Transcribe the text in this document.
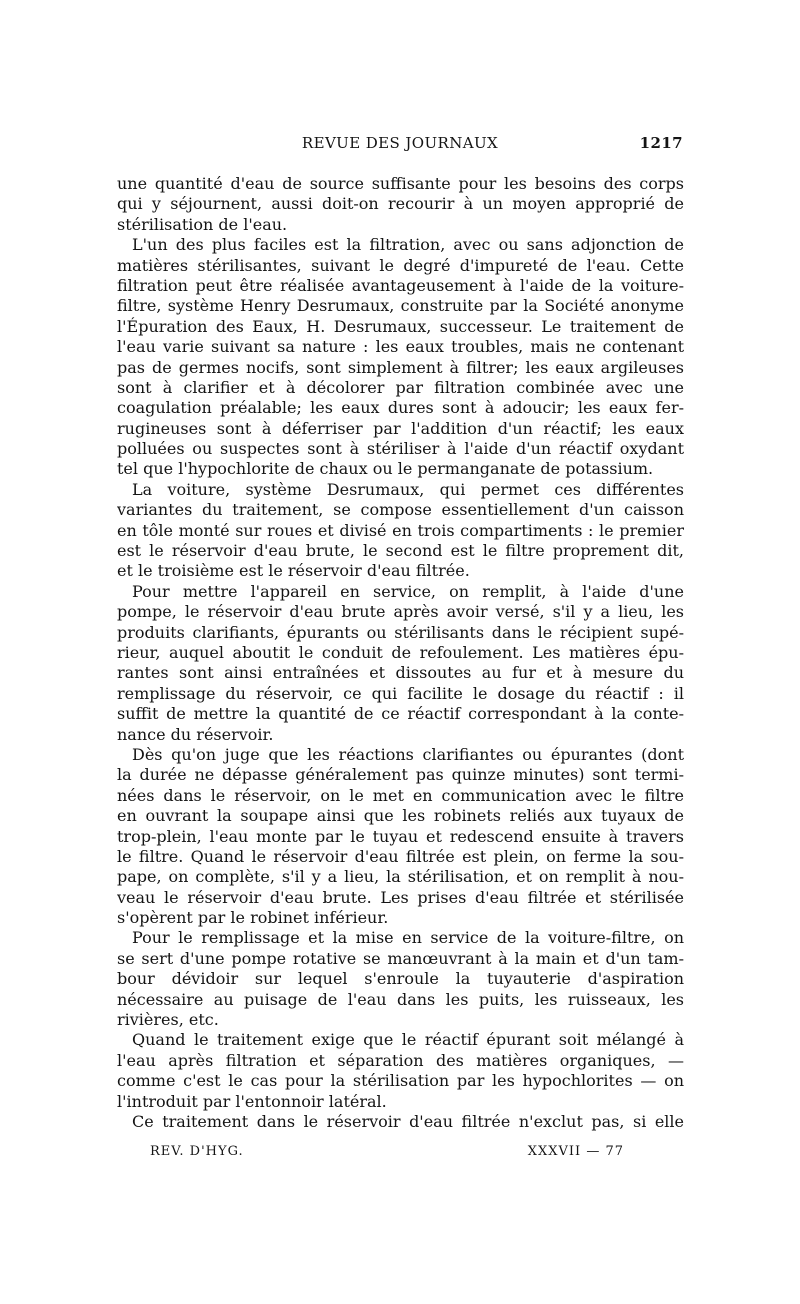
REVUE DES JOURNAUX	1217
une quantité d'eau de source suffisante pour les besoins des corps
qui y séjournent, aussi doit-on recourir à un moyen approprié de
stérilisation de l'eau.
L'un des plus faciles est la filtration, avec ou sans adjonction de
matières stérilisantes, suivant le degré d'impureté de l'eau. Cette
filtration peut être réalisée avantageusement à l'aide de la voiture-
filtre, système Henry Desrumaux, construite par la Société anonyme
l'Épuration des Eaux, H. Desrumaux, successeur. Le traitement de
l'eau varie suivant sa nature : les eaux troubles, mais ne contenant
pas de germes nocifs, sont simplement à filtrer; les eaux argileuses
sont à clarifier et à décolorer par filtration combinée avec une
coagulation préalable; les eaux dures sont à adoucir; les eaux fer-
rugineuses sont à déferriser par l'addition d'un réactif; les eaux
polluées ou suspectes sont à stériliser à l'aide d'un réactif oxydant
tel que l'hypochlorite de chaux ou le permanganate de potassium.
La voiture, système Desrumaux, qui permet ces différentes
variantes du traitement, se compose essentiellement d'un caisson
en tôle monté sur roues et divisé en trois compartiments : le premier
est le réservoir d'eau brute, le second est le filtre proprement dit,
et le troisième est le réservoir d'eau filtrée.
Pour mettre l'appareil en service, on remplit, à l'aide d'une
pompe, le réservoir d'eau brute après avoir versé, s'il y a lieu, les
produits clarifiants, épurants ou stérilisants dans le récipient supé-
rieur, auquel aboutit le conduit de refoulement. Les matières épu-
rantes sont ainsi entraînées et dissoutes au fur et à mesure du
remplissage du réservoir, ce qui facilite le dosage du réactif : il
suffit de mettre la quantité de ce réactif correspondant à la conte-
nance du réservoir.
Dès qu'on juge que les réactions clarifiantes ou épurantes (dont
la durée ne dépasse généralement pas quinze minutes) sont termi-
nées dans le réservoir, on le met en communication avec le filtre
en ouvrant la soupape ainsi que les robinets reliés aux tuyaux de
trop-plein, l'eau monte par le tuyau et redescend ensuite à travers
le filtre. Quand le réservoir d'eau filtrée est plein, on ferme la sou-
pape, on complète, s'il y a lieu, la stérilisation, et on remplit à nou-
veau le réservoir d'eau brute. Les prises d'eau filtrée et stérilisée
s'opèrent par le robinet inférieur.
Pour le remplissage et la mise en service de la voiture-filtre, on
se sert d'une pompe rotative se manœuvrant à la main et d'un tam-
bour dévidoir sur lequel s'enroule la tuyauterie d'aspiration
nécessaire au puisage de l'eau dans les puits, les ruisseaux, les
rivières, etc.
Quand le traitement exige que le réactif épurant soit mélangé à
l'eau après filtration et séparation des matières organiques, —
comme c'est le cas pour la stérilisation par les hypochlorites — on
l'introduit par l'entonnoir latéral.
Ce traitement dans le réservoir d'eau filtrée n'exclut pas, si elle
REV. D'HYG.	XXXVII — 77
